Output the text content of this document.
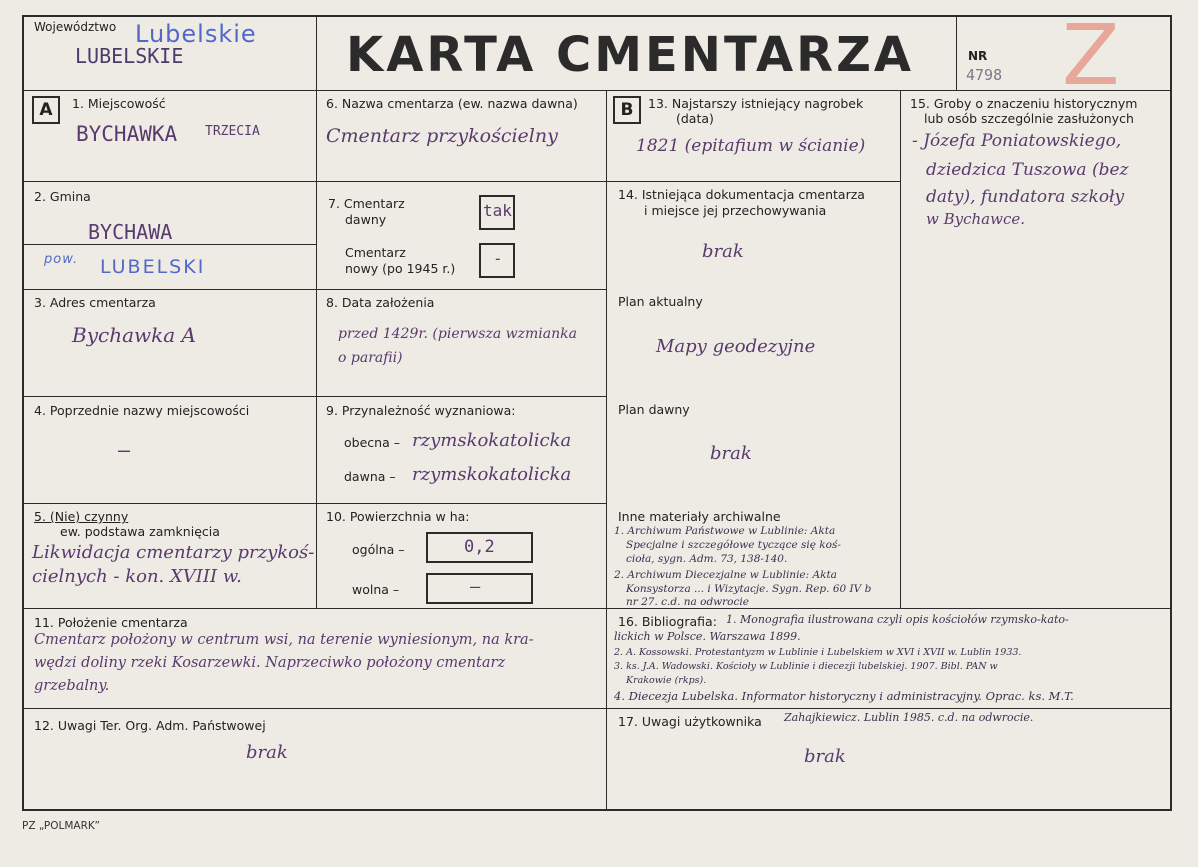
Województwo Lubelskie
LUBELSKIE	KARTA CMENTARZA	NR
4798 Z
A	1. Miejscowość
BYCHAWKA TRZECIA
2. Gmina
BYCHAWA
pow. LUBELSKI
3. Adres cmentarza
Bychawka A
4. Poprzednie nazwy miejscowości
–
5. (Nie) czynny
ew. podstawa zamknięcia
Likwidacja cmentarzy przykoś-
cielnych - kon. XVIII w.
6. Nazwa cmentarza (ew. nazwa dawna)
Cmentarz przykościelny
7. Cmentarz
dawny	tak
Cmentarz
nowy (po 1945 r.)
-
8. Data założenia
przed 1429r. (pierwsza wzmianka
o parafii)
9. Przynależność wyznaniowa:
obecna – rzymskokatolicka
dawna – rzymskokatolicka
10. Powierzchnia w ha:
ogólna –	0,2
wolna –	–
B	13. Najstarszy istniejący nagrobek
(data)
1821 (epitafium w ścianie)
14. Istniejąca dokumentacja cmentarza
i miejsce jej przechowywania
brak
Plan aktualny
Mapy geodezyjne
Plan dawny
brak
Inne materiały archiwalne
1. Archiwum Państwowe w Lublinie: Akta
Specjalne i szczegółowe tyczące się koś-
cioła, sygn. Adm. 73, 138-140.
2. Archiwum Diecezjalne w Lublinie: Akta
Konsystorza ... i Wizytacje. Sygn. Rep. 60 IV b
nr 27. c.d. na odwrocie
15. Groby o znaczeniu historycznym
lub osób szczególnie zasłużonych
- Józefa Poniatowskiego,
dziedzica Tuszowa (bez
daty), fundatora szkoły
w Bychawce.
11. Położenie cmentarza
Cmentarz położony w centrum wsi, na terenie wyniesionym, na kra-
wędzi doliny rzeki Kosarzewki. Naprzeciwko położony cmentarz
grzebalny.
16. Bibliografia: 1. Monografia ilustrowana czyli opis kościołów rzymsko-kato-
lickich w Polsce. Warszawa 1899.
2. A. Kossowski. Protestantyzm w Lublinie i Lubelskiem w XVI i XVII w. Lublin 1933.
3. ks. J.A. Wadowski. Kościoły w Lublinie i diecezji lubelskiej. 1907. Bibl. PAN w
Krakowie (rkps).
4. Diecezja Lubelska. Informator historyczny i administracyjny. Oprac. ks. M.T.
Zahajkiewicz. Lublin 1985. c.d. na odwrocie.
12. Uwagi Ter. Org. Adm. Państwowej
brak
17. Uwagi użytkownika
brak
PZ „POLMARK”
